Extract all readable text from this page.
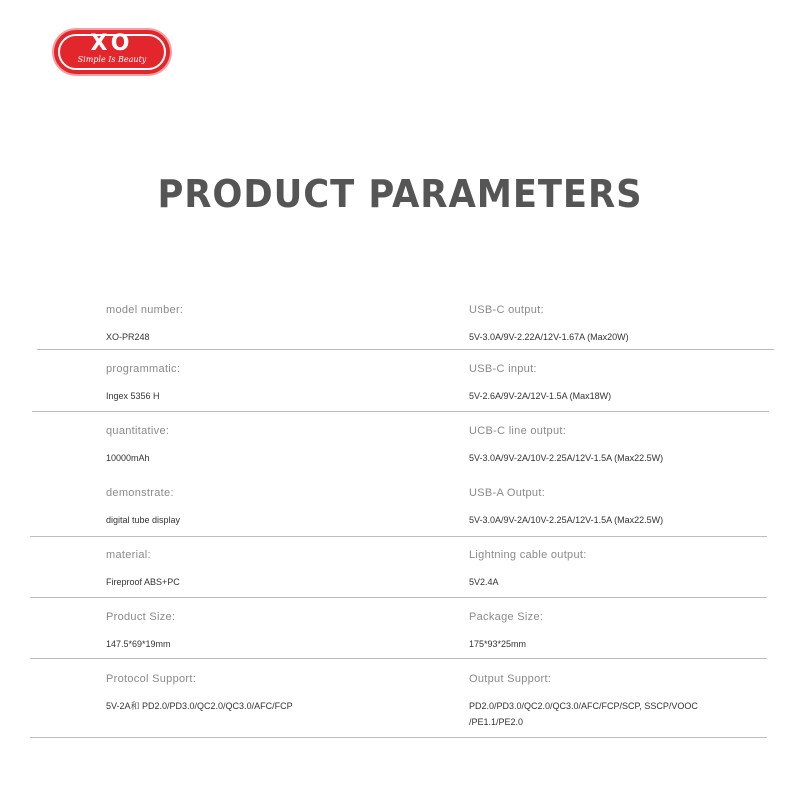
XO
Simple Is Beauty
PRODUCT PARAMETERS
model number:
XO-PR248
USB-C output:
5V-3.0A/9V-2.22A/12V-1.67A (Max20W)
programmatic:
Ingex 5356 H
USB-C input:
5V-2.6A/9V-2A/12V-1.5A (Max18W)
quantitative:
10000mAh
UCB-C line output:
5V-3.0A/9V-2A/10V-2.25A/12V-1.5A (Max22.5W)
demonstrate:
digital tube display
USB-A Output:
5V-3.0A/9V-2A/10V-2.25A/12V-1.5A (Max22.5W)
material:
Fireproof ABS+PC
Lightning cable output:
5V2.4A
Product Size:
147.5*69*19mm
Package Size:
175*93*25mm
Protocol Support:
5V-2A和 PD2.0/PD3.0/QC2.0/QC3.0/AFC/FCP
Output Support:
PD2.0/PD3.0/QC2.0/QC3.0/AFC/FCP/SCP, SSCP/VOOC /PE1.1/PE2.0
